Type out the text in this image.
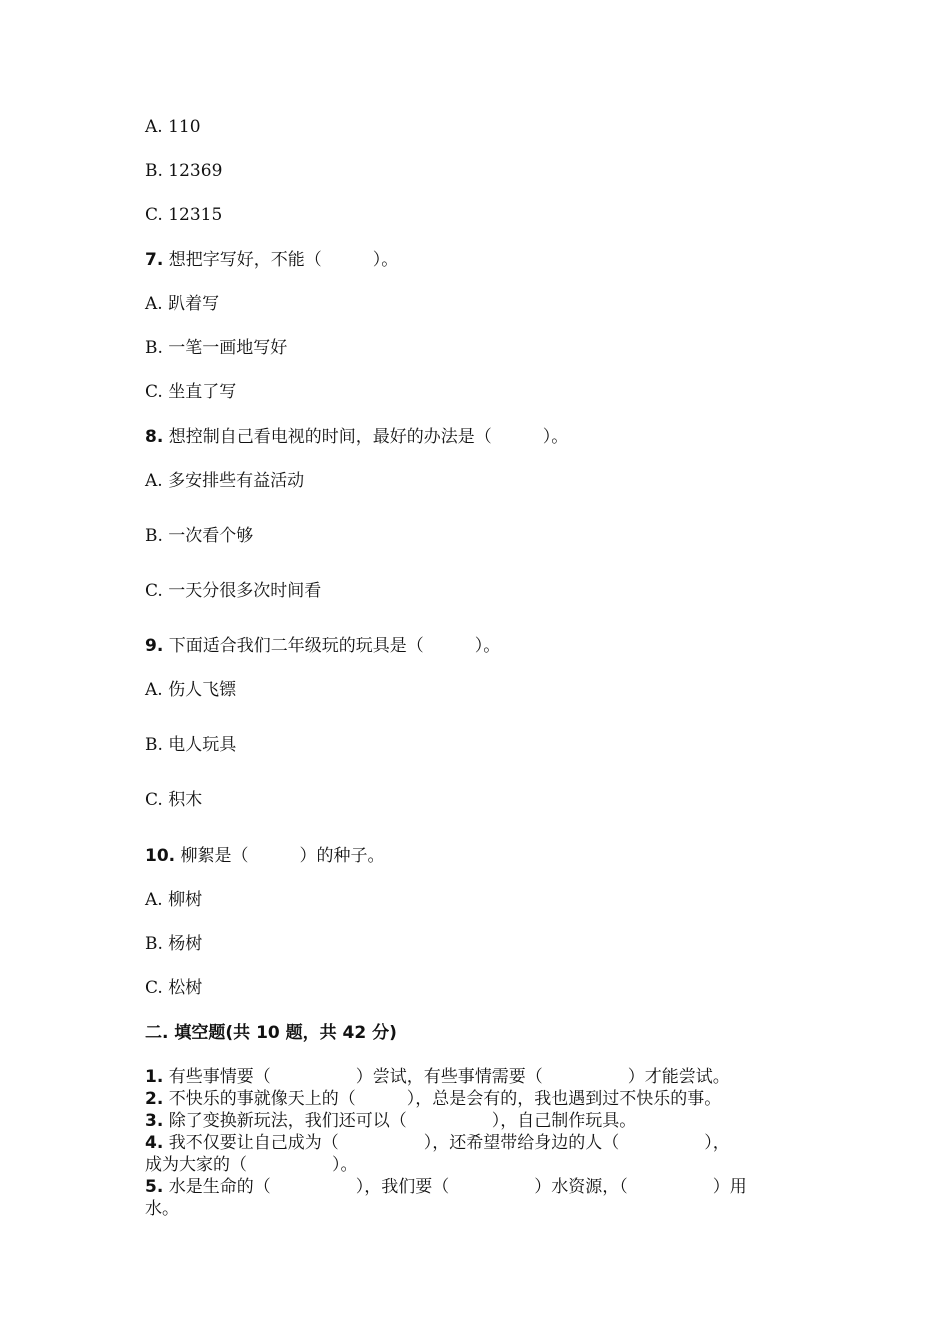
A. 110

B. 12369

C. 12315

7. 想把字写好，不能（　　　）。

A. 趴着写

B. 一笔一画地写好

C. 坐直了写

8. 想控制自己看电视的时间，最好的办法是（　　　）。

A. 多安排些有益活动

B. 一次看个够

C. 一天分很多次时间看

9. 下面适合我们二年级玩的玩具是（　　　）。

A. 伤人飞镖

B. 电人玩具

C. 积木

10. 柳絮是（　　　）的种子。

A. 柳树

B. 杨树

C. 松树

二. 填空题(共 10 题，共 42 分)

1. 有些事情要（　　　　　）尝试，有些事情需要（　　　　　）才能尝试。

2. 不快乐的事就像天上的（　　　），总是会有的，我也遇到过不快乐的事。

3. 除了变换新玩法，我们还可以（　　　　　），自己制作玩具。

4. 我不仅要让自己成为（　　　　　），还希望带给身边的人（　　　　　），

成为大家的（　　　　　）。

5. 水是生命的（　　　　　），我们要（　　　　　）水资源，（　　　　　）用

水。
